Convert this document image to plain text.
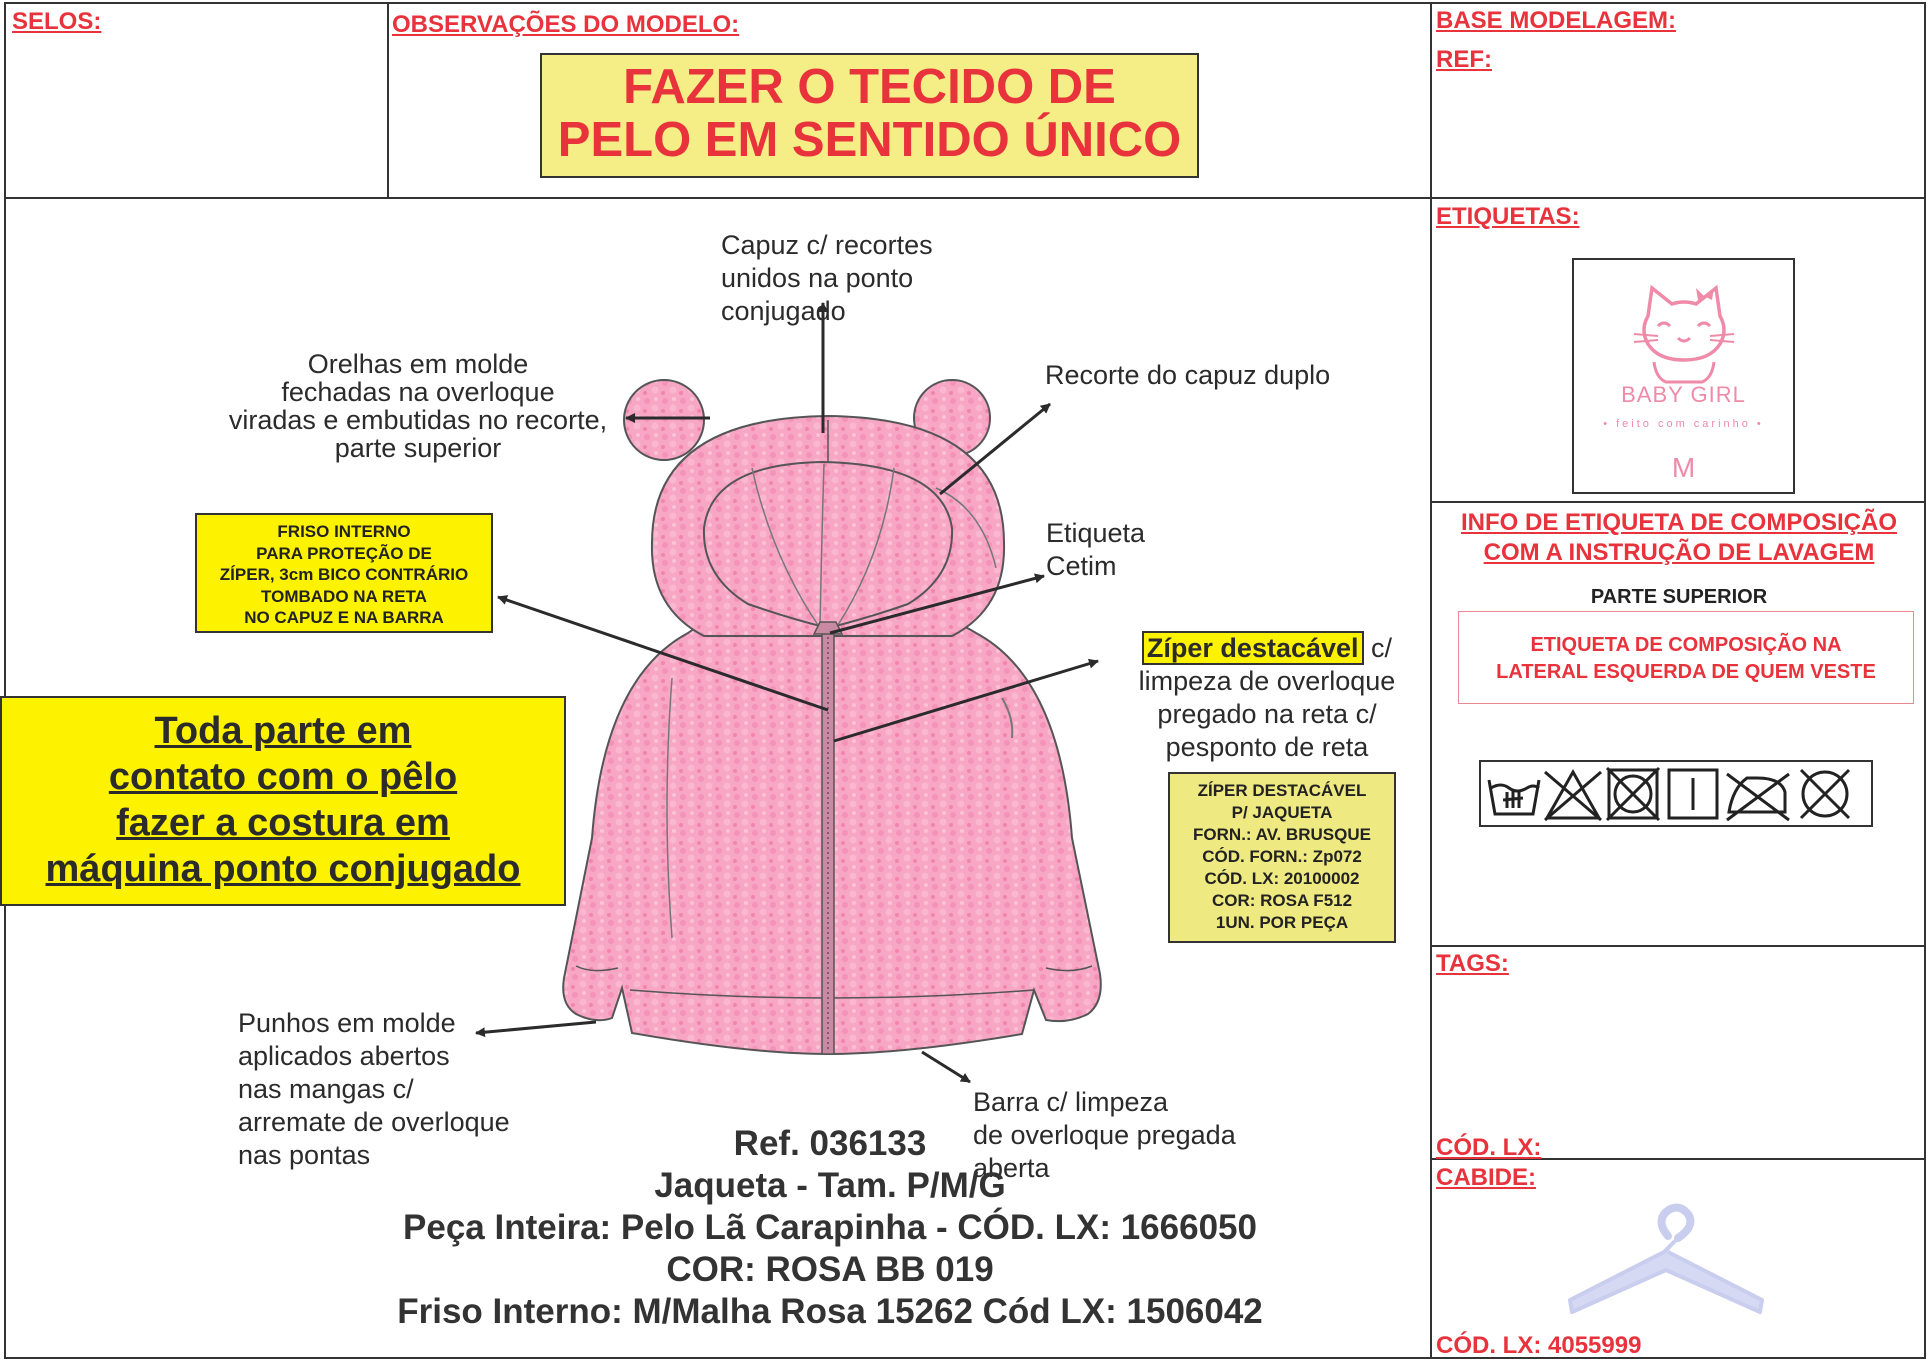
SELOS:	OBSERVAÇÕES DO MODELO:
FAZER O TECIDO DE
PELO EM SENTIDO ÚNICO
BASE MODELAGEM:
REF:
ETIQUETAS:
BABY GIRL
• feito com carinho •
M
INFO DE ETIQUETA DE COMPOSIÇÃO
COM A INSTRUÇÃO DE LAVAGEM
PARTE SUPERIOR
ETIQUETA DE COMPOSIÇÃO NA
LATERAL ESQUERDA DE QUEM VESTE
TAGS:
CÓD. LX:
CABIDE:
CÓD. LX: 4055999
Capuz c/ recortes
unidos na ponto
conjugado
Orelhas em molde
fechadas na overloque
viradas e embutidas no recorte,
parte superior
Recorte do capuz duplo
Etiqueta
Cetim
FRISO INTERNO
PARA PROTEÇÃO DE
ZÍPER, 3cm BICO CONTRÁRIO
TOMBADO NA RETA
NO CAPUZ E NA BARRA
Toda parte em
contato com o pêlo
fazer a costura em
máquina ponto conjugado
Zíper destacável c/
limpeza de overloque
pregado na reta c/
pesponto de reta
ZÍPER DESTACÁVEL
P/ JAQUETA
FORN.: AV. BRUSQUE
CÓD. FORN.: Zp072
CÓD. LX: 20100002
COR: ROSA F512
1UN. POR PEÇA
Punhos em molde
aplicados abertos
nas mangas c/
arremate de overloque
nas pontas
Barra c/ limpeza
de overloque pregada
aberta
Ref. 036133
Jaqueta - Tam. P/M/G
Peça Inteira: Pelo Lã Carapinha - CÓD. LX: 1666050
COR: ROSA BB 019
Friso Interno: M/Malha Rosa 15262 Cód LX: 1506042
